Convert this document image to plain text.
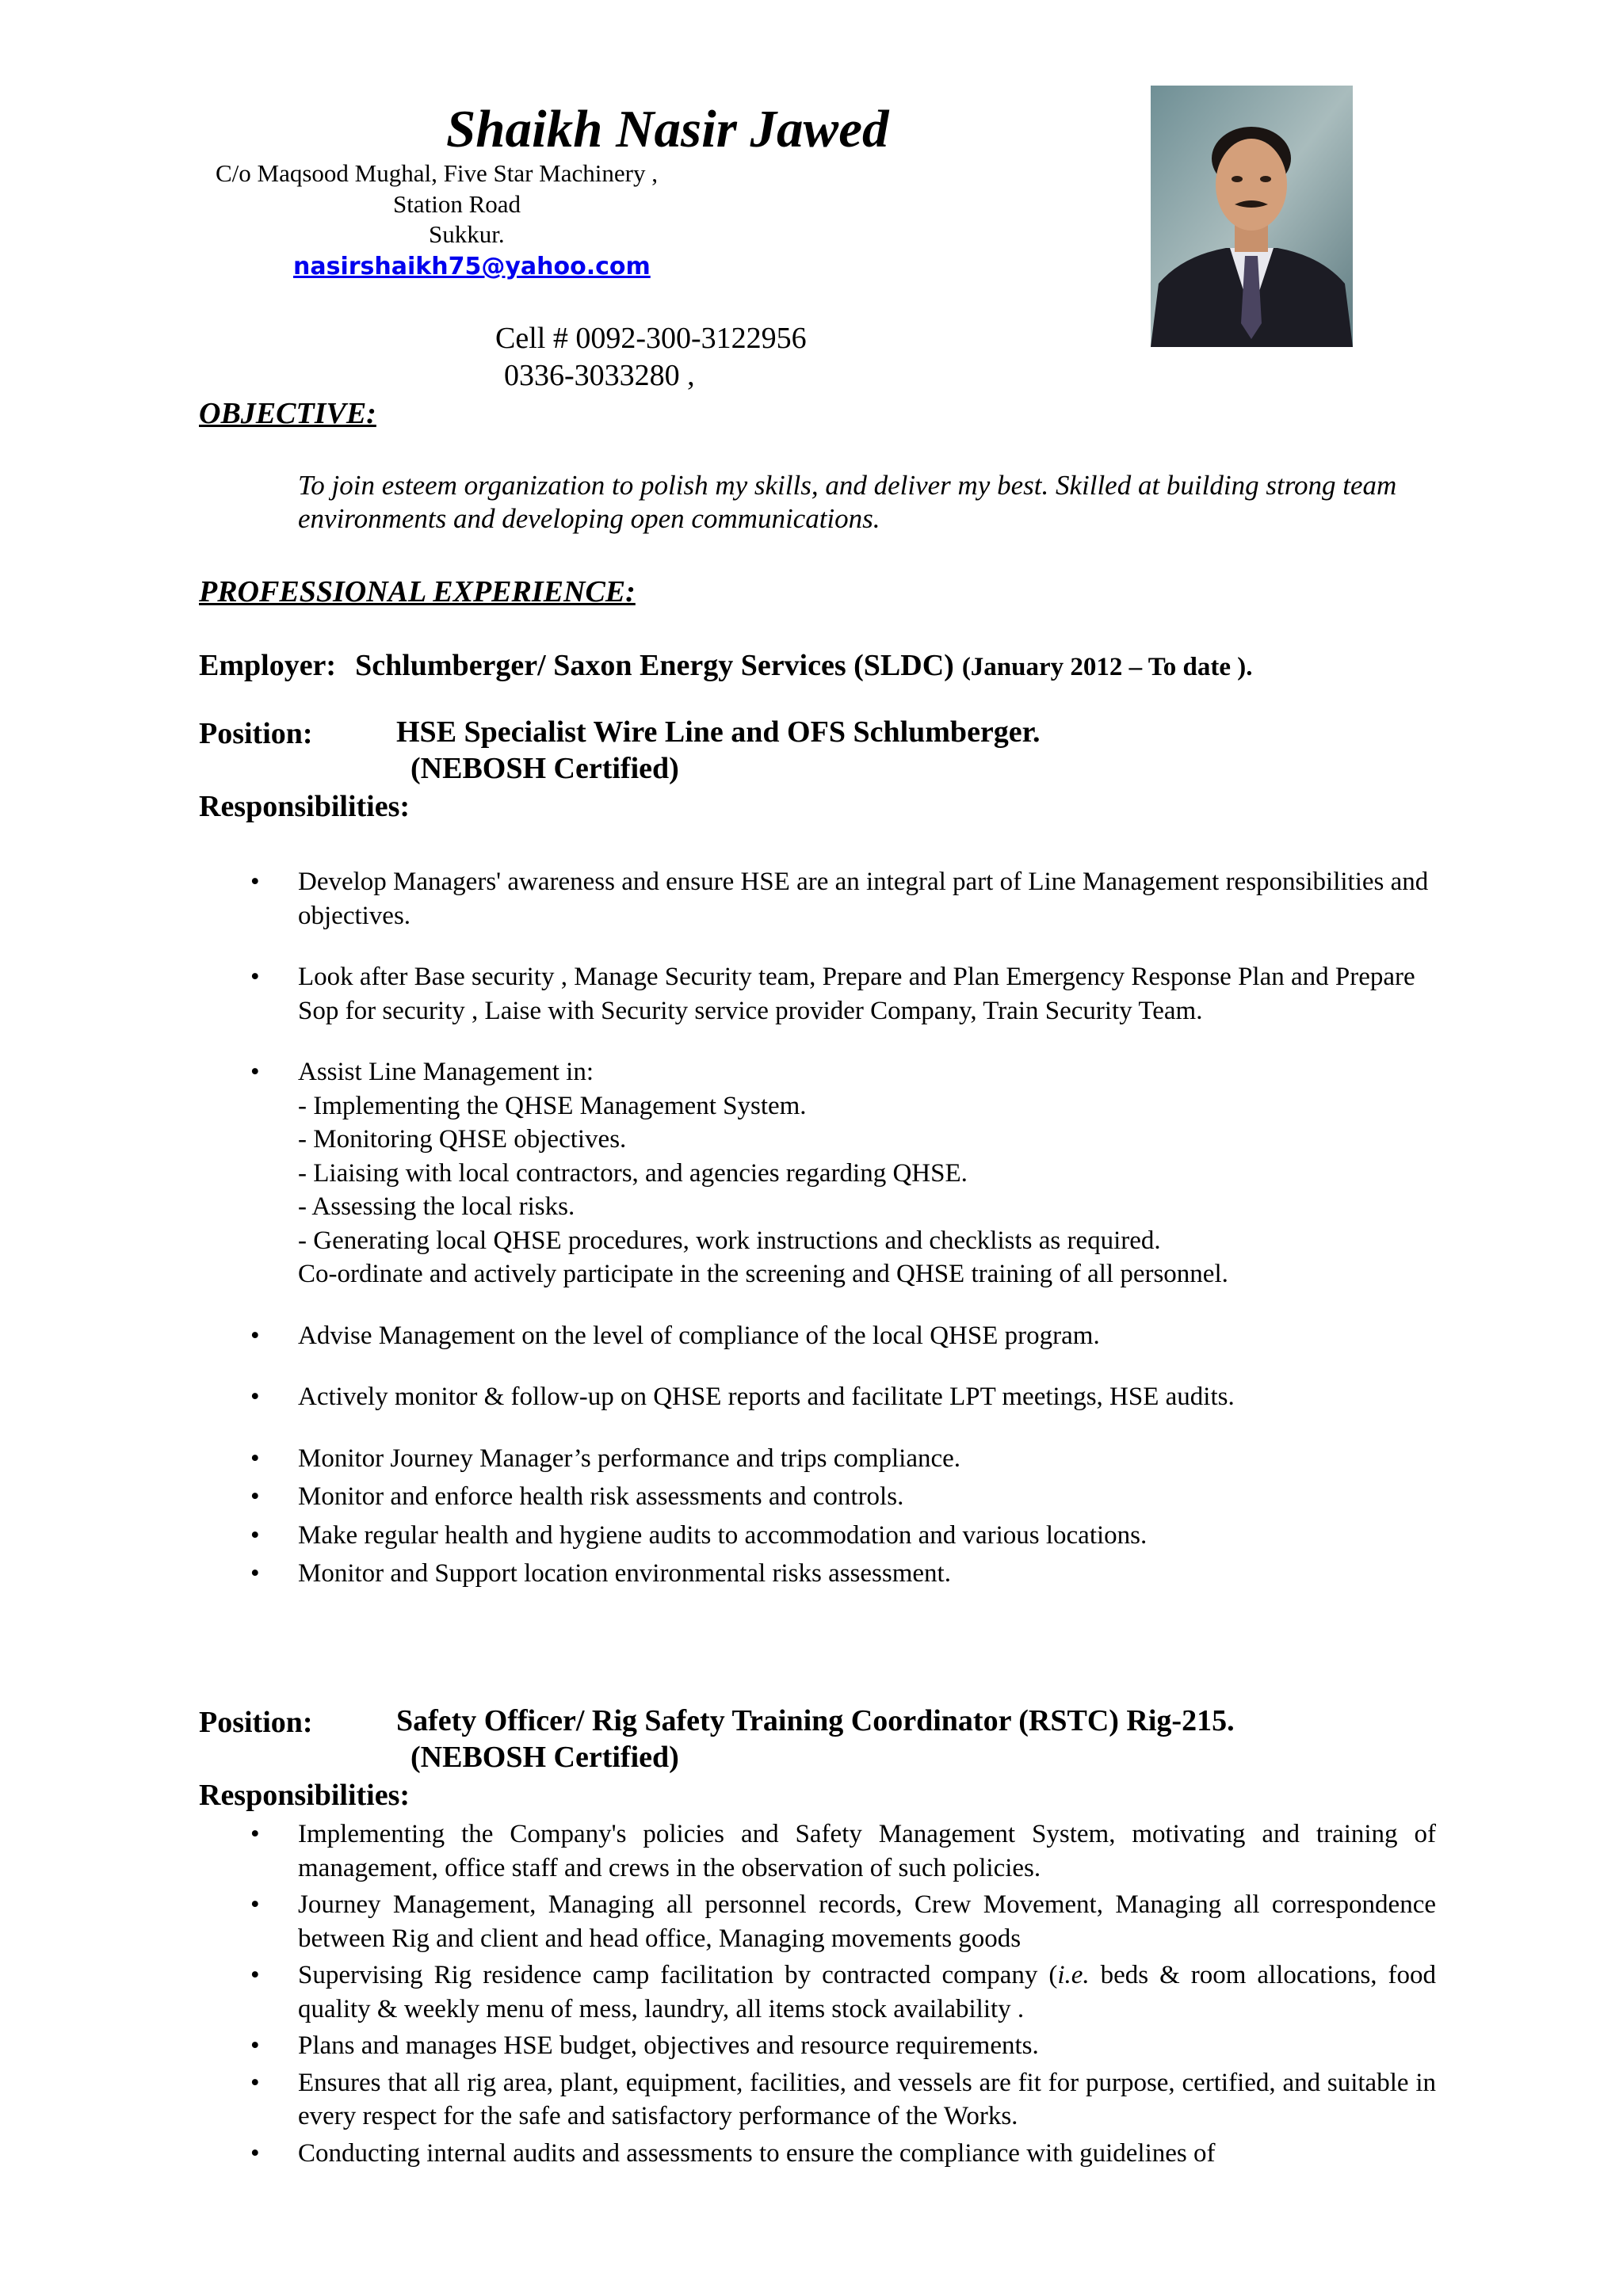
Shaikh Nasir Jawed
C/o Maqsood Mughal, Five Star Machinery ,
Station Road
Sukkur.
nasirshaikh75@yahoo.com
Cell # 0092-300-3122956
0336-3033280 ,
OBJECTIVE:
To join esteem organization to polish my skills, and deliver my best. Skilled at building strong team environments and developing open communications.
PROFESSIONAL EXPERIENCE:
Employer: Schlumberger/ Saxon Energy Services (SLDC) (January 2012 – To date ).
Position:	HSE Specialist Wire Line and OFS Schlumberger.
(NEBOSH Certified)
Responsibilities:
• Develop Managers' awareness and ensure HSE are an integral part of Line Management responsibilities and objectives.
• Look after Base security , Manage Security team, Prepare and Plan Emergency Response Plan and Prepare Sop for security , Laise with Security service provider Company, Train Security Team.
• Assist Line Management in:
- Implementing the QHSE Management System.
- Monitoring QHSE objectives.
- Liaising with local contractors, and agencies regarding QHSE.
- Assessing the local risks.
- Generating local QHSE procedures, work instructions and checklists as required.
Co-ordinate and actively participate in the screening and QHSE training of all personnel.
• Advise Management on the level of compliance of the local QHSE program.
• Actively monitor & follow-up on QHSE reports and facilitate LPT meetings, HSE audits.
• Monitor Journey Manager’s performance and trips compliance.
• Monitor and enforce health risk assessments and controls.
• Make regular health and hygiene audits to accommodation and various locations.
• Monitor and Support location environmental risks assessment.
Position:	Safety Officer/ Rig Safety Training Coordinator (RSTC) Rig-215.
(NEBOSH Certified)
Responsibilities:
• Implementing the Company's policies and Safety Management System, motivating and training of management, office staff and crews in the observation of such policies.
• Journey Management, Managing all personnel records, Crew Movement, Managing all correspondence between Rig and client and head office, Managing movements goods
• Supervising Rig residence camp facilitation by contracted company (i.e. beds & room allocations, food quality & weekly menu of mess, laundry, all items stock availability .
• Plans and manages HSE budget, objectives and resource requirements.
• Ensures that all rig area, plant, equipment, facilities, and vessels are fit for purpose, certified, and suitable in every respect for the safe and satisfactory performance of the Works.
• Conducting internal audits and assessments to ensure the compliance with guidelines of
